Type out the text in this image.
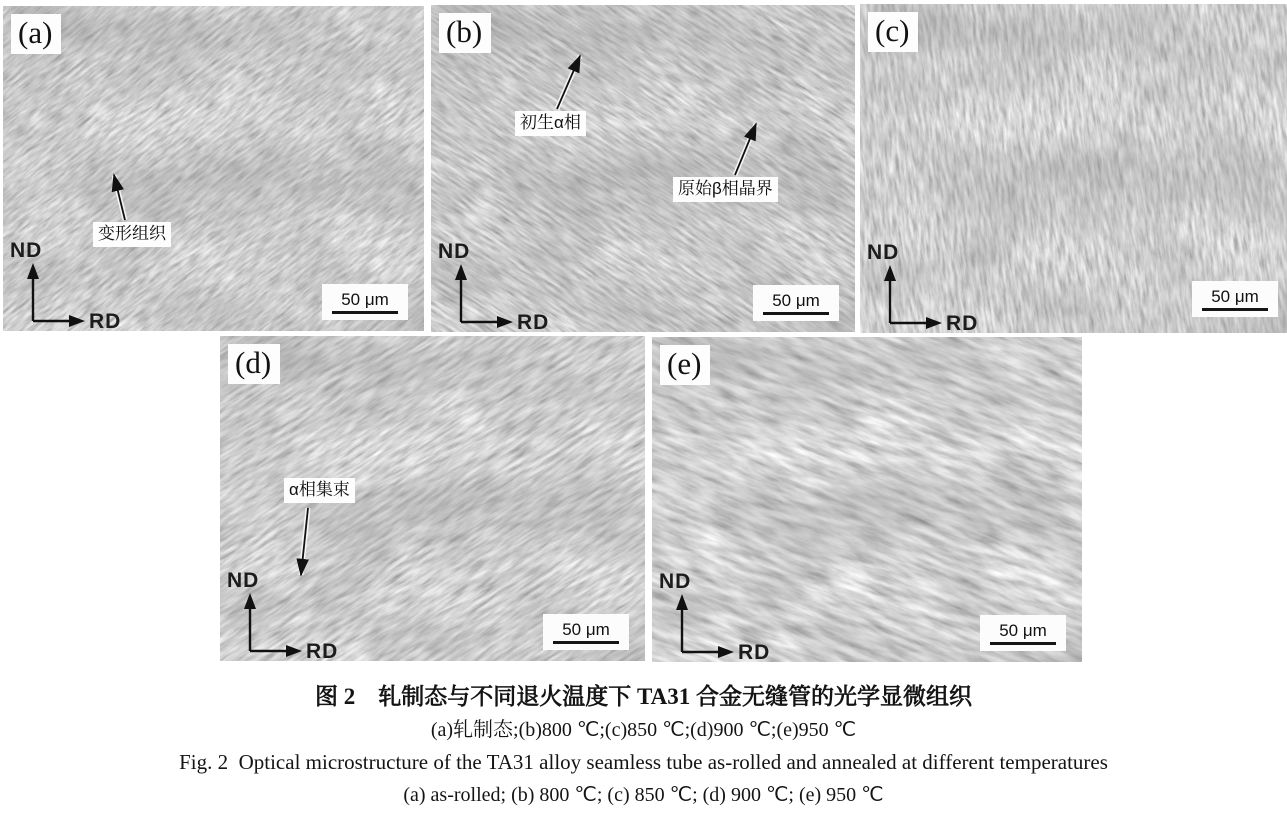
(a)
变形组织
ND
RD
50 μm
(b)
初生α相
原始β相晶界
ND
RD
50 μm
(c)
ND
RD
50 μm
(d)
α相集束
ND
RD
50 μm
(e)
ND
RD
50 μm
图 2　轧制态与不同退火温度下 TA31 合金无缝管的光学显微组织
(a)轧制态;(b)800 ℃;(c)850 ℃;(d)900 ℃;(e)950 ℃
Fig. 2  Optical microstructure of the TA31 alloy seamless tube as-rolled and annealed at different temperatures
(a) as-rolled; (b) 800 ℃; (c) 850 ℃; (d) 900 ℃; (e) 950 ℃
